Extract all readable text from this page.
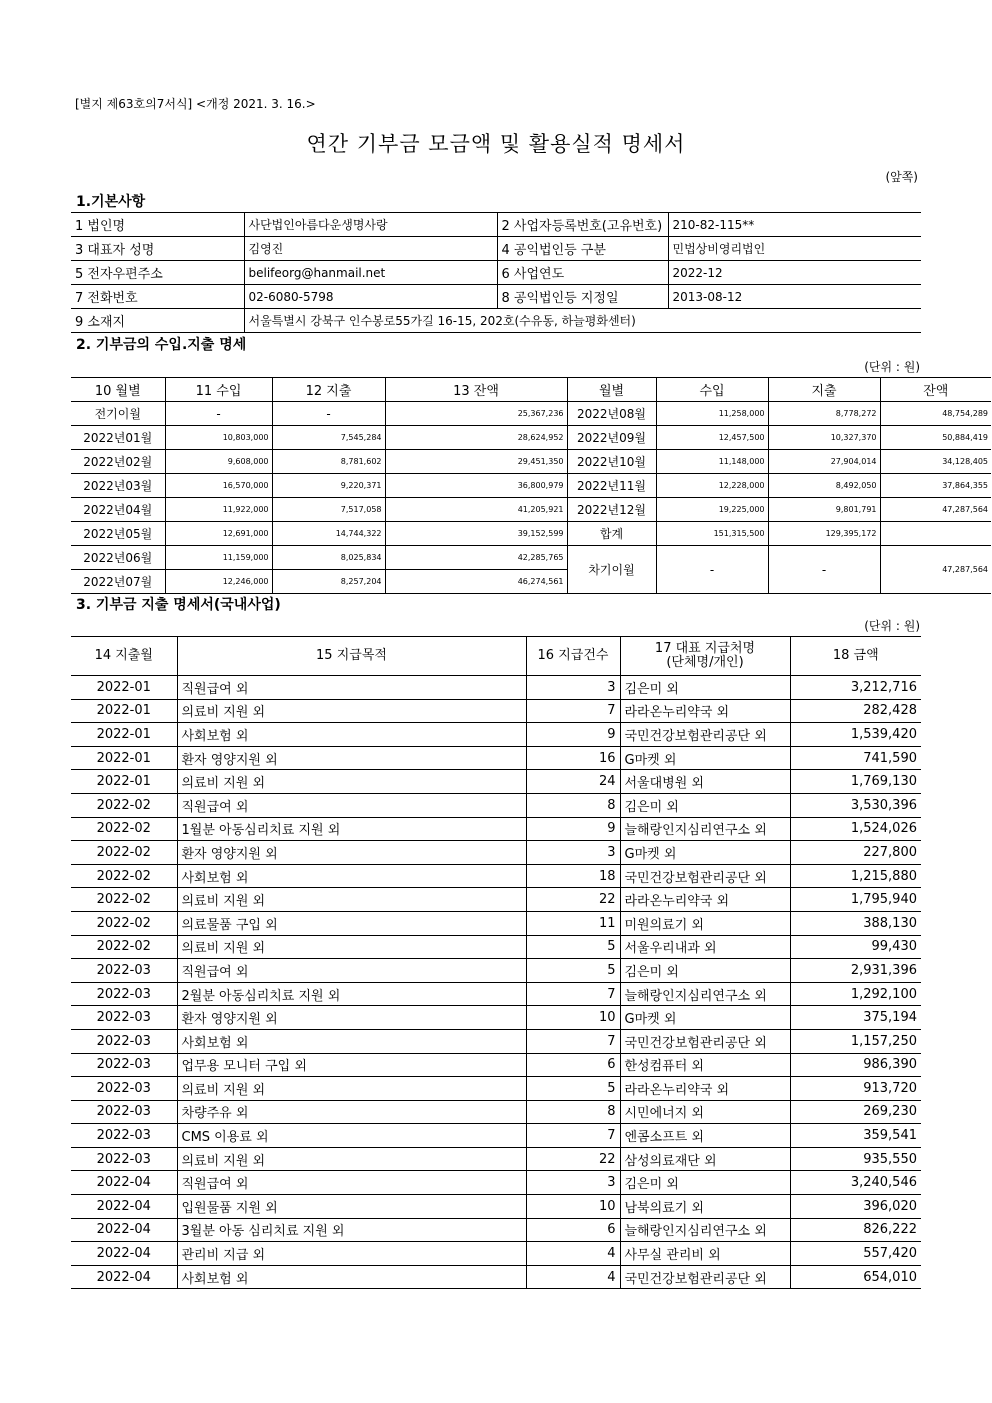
[별지 제63호의7서식] <개정 2021. 3. 16.>
연간 기부금 모금액 및 활용실적 명세서
(앞쪽)
1.기본사항
1 법인명	사단법인아름다운생명사랑	2 사업자등록번호(고유번호)	210-82-115**
3 대표자 성명	김영진	4 공익법인등 구분	민법상비영리법인
5 전자우편주소	belifeorg@hanmail.net	6 사업연도	2022-12
7 전화번호	02-6080-5798	8 공익법인등 지정일	2013-08-12
9 소재지	서울특별시 강북구 인수봉로55가길 16-15, 202호(수유동, 하늘평화센터)		
2. 기부금의 수입.지출 명세
(단위 : 원)
10 월별	11 수입	12 지출	13 잔액	월별	수입	지출	잔액
전기이월	-	-	25,367,236	2022년08월	11,258,000	8,778,272	48,754,289
2022년01월	10,803,000	7,545,284	28,624,952	2022년09월	12,457,500	10,327,370	50,884,419
2022년02월	9,608,000	8,781,602	29,451,350	2022년10월	11,148,000	27,904,014	34,128,405
2022년03월	16,570,000	9,220,371	36,800,979	2022년11월	12,228,000	8,492,050	37,864,355
2022년04월	11,922,000	7,517,058	41,205,921	2022년12월	19,225,000	9,801,791	47,287,564
2022년05월	12,691,000	14,744,322	39,152,599	합계	151,315,500	129,395,172	
2022년06월	11,159,000	8,025,834	42,285,765	차기이월	-	-	47,287,564
2022년07월	12,246,000	8,257,204	46,274,561				
3. 기부금 지출 명세서(국내사업)
(단위 : 원)
14 지출월	15 지급목적	16 지급건수	17 대표 지급처명
(단체명/개인)	18 금액
2022-01	직원급여 외	3	김은미 외	3,212,716
2022-01	의료비 지원 외	7	라라온누리약국 외	282,428
2022-01	사회보험 외	9	국민건강보험관리공단 외	1,539,420
2022-01	환자 영양지원 외	16	G마켓 외	741,590
2022-01	의료비 지원 외	24	서울대병원 외	1,769,130
2022-02	직원급여 외	8	김은미 외	3,530,396
2022-02	1월분 아동심리치료 지원 외	9	늘해랑인지심리연구소 외	1,524,026
2022-02	환자 영양지원 외	3	G마켓 외	227,800
2022-02	사회보험 외	18	국민건강보험관리공단 외	1,215,880
2022-02	의료비 지원 외	22	라라온누리약국 외	1,795,940
2022-02	의료물품 구입 외	11	미원의료기 외	388,130
2022-02	의료비 지원 외	5	서울우리내과 외	99,430
2022-03	직원급여 외	5	김은미 외	2,931,396
2022-03	2월분 아동심리치료 지원 외	7	늘해랑인지심리연구소 외	1,292,100
2022-03	환자 영양지원 외	10	G마켓 외	375,194
2022-03	사회보험 외	7	국민건강보험관리공단 외	1,157,250
2022-03	업무용 모니터 구입 외	6	한성컴퓨터 외	986,390
2022-03	의료비 지원 외	5	라라온누리약국 외	913,720
2022-03	차량주유 외	8	시민에너지 외	269,230
2022-03	CMS 이용료 외	7	엔콤소프트 외	359,541
2022-03	의료비 지원 외	22	삼성의료재단 외	935,550
2022-04	직원급여 외	3	김은미 외	3,240,546
2022-04	입원물품 지원 외	10	남북의료기 외	396,020
2022-04	3월분 아동 심리치료 지원 외	6	늘해랑인지심리연구소 외	826,222
2022-04	관리비 지급 외	4	사무실 관리비 외	557,420
2022-04	사회보험 외	4	국민건강보험관리공단 외	654,010
